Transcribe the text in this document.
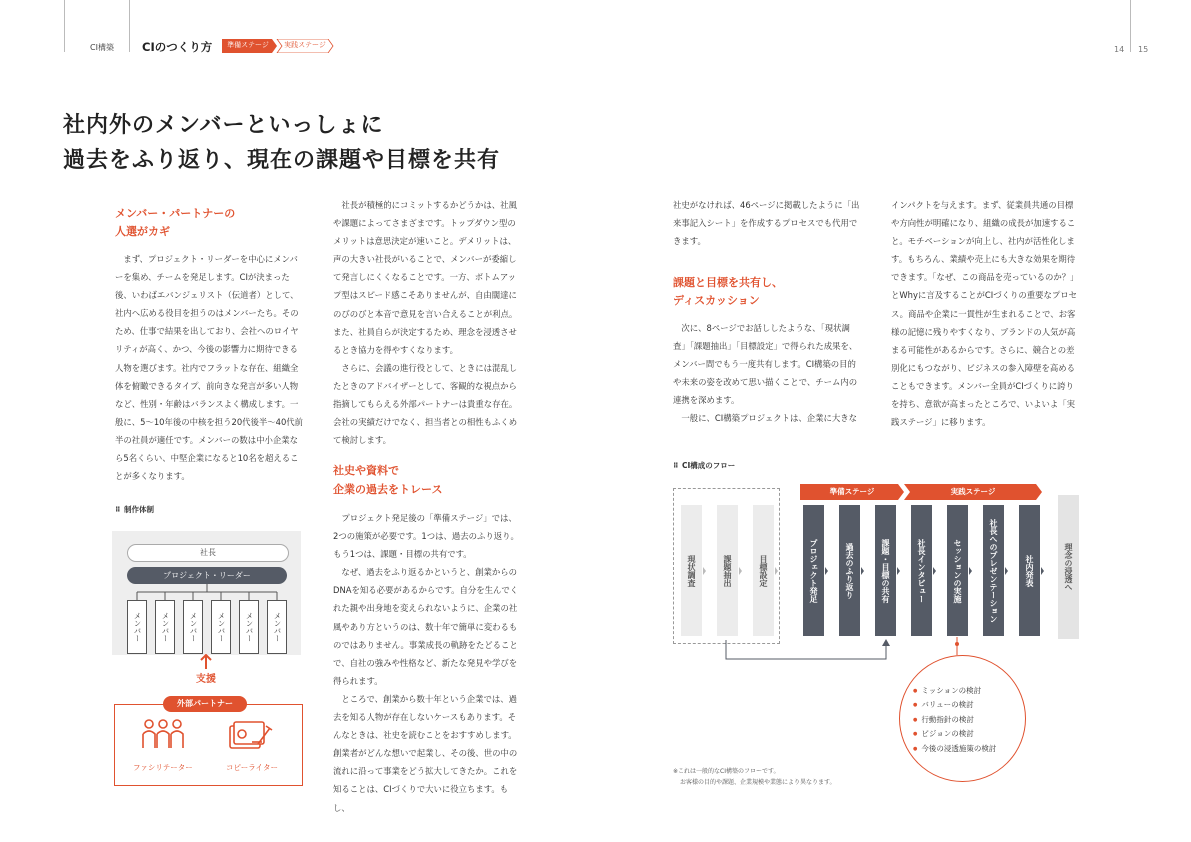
CI構築 CIのつくり方	準備ステージ	実践ステージ	14 15
社内外のメンバーといっしょに
過去をふり返り、現在の課題や目標を共有
メンバー・パートナーの
人選がカギ

　まず、プロジェクト・リーダーを中心にメンバーを集め、チームを発足します。CIが決まった後、いわばエバンジェリスト（伝道者）として、社内へ広める役目を担うのはメンバーたち。そのため、仕事で結果を出しており、会社へのロイヤリティが高く、かつ、今後の影響力に期待できる人物を選びます。社内でフラットな存在、組織全体を俯瞰できるタイプ、前向きな発言が多い人物など、性別・年齢はバランスよく構成します。一般に、5〜10年後の中核を担う20代後半〜40代前半の社員が適任です。メンバーの数は中小企業なら5名くらい、中堅企業になると10名を超えることが多くなります。

⠿ 制作体制
社長
プロジェクト・リーダー
メンバー	メンバー	メンバー	メンバー	メンバー	メンバー
支援
外部パートナー
ファシリテーター	コピーライター

　社長が積極的にコミットするかどうかは、社風や課題によってさまざまです。トップダウン型のメリットは意思決定が速いこと。デメリットは、声の大きい社長がいることで、メンバーが委縮して発言しにくくなることです。一方、ボトムアップ型はスピード感こそありませんが、自由闊達にのびのびと本音で意見を言い合えることが利点。また、社員自らが決定するため、理念を浸透させるとき協力を得やすくなります。

　さらに、会議の進行役として、ときには混乱したときのアドバイザーとして、客観的な視点から指摘してもらえる外部パートナーは貴重な存在。会社の実績だけでなく、担当者との相性もふくめて検討します。

社史や資料で
企業の過去をトレース

　プロジェクト発足後の「準備ステージ」では、2つの施策が必要です。1つは、過去のふり返り。もう1つは、課題・目標の共有です。

　なぜ、過去をふり返るかというと、創業からのDNAを知る必要があるからです。自分を生んでくれた親や出身地を変えられないように、企業の社風やあり方というのは、数十年で簡単に変わるものではありません。事業成長の軌跡をたどることで、自社の強みや性格など、新たな発見や学びを得られます。

　ところで、創業から数十年という企業では、過去を知る人物が存在しないケースもあります。そんなときは、社史を読むことをおすすめします。創業者がどんな想いで起業し、その後、世の中の流れに沿って事業をどう拡大してきたか。これを知ることは、CIづくりで大いに役立ちます。もし、

社史がなければ、46ページに掲載したように「出来事記入シート」を作成するプロセスでも代用できます。

課題と目標を共有し、
ディスカッション

　次に、8ページでお話ししたような、「現状調査」「課題抽出」「目標設定」で得られた成果を、メンバー間でもう一度共有します。CI構築の目的や未来の姿を改めて思い描くことで、チーム内の連携を深めます。

　一般に、CI構築プロジェクトは、企業に大きな

インパクトを与えます。まず、従業員共通の目標や方向性が明確になり、組織の成長が加速すること。モチベーションが向上し、社内が活性化します。もちろん、業績や売上にも大きな効果を期待できます。「なぜ、この商品を売っているのか？」とWhyに言及することがCIづくりの重要なプロセス。商品や企業に一貫性が生まれることで、お客様の記憶に残りやすくなり、ブランドの人気が高まる可能性があるからです。さらに、競合との差別化にもつながり、ビジネスの参入障壁を高めることもできます。メンバー全員がCIづくりに誇りを持ち、意欲が高まったところで、いよいよ「実践ステージ」に移ります。

⠿ CI構成のフロー
準備ステージ	実践ステージ
現状調査	課題抽出	目標設定	プロジェクト発足	過去のふり返り	課題・目標の共有	社長インタビュー	セッションの実施	社長へのプレゼンテーション	社内発表	理念の浸透へ
● ミッションの検討
● バリューの検討
● 行動指針の検討
● ビジョンの検討
● 今後の浸透施策の検討
※これは一般的なCI構築のフローです。
お客様の目的や課題、企業規模や業態により異なります。
